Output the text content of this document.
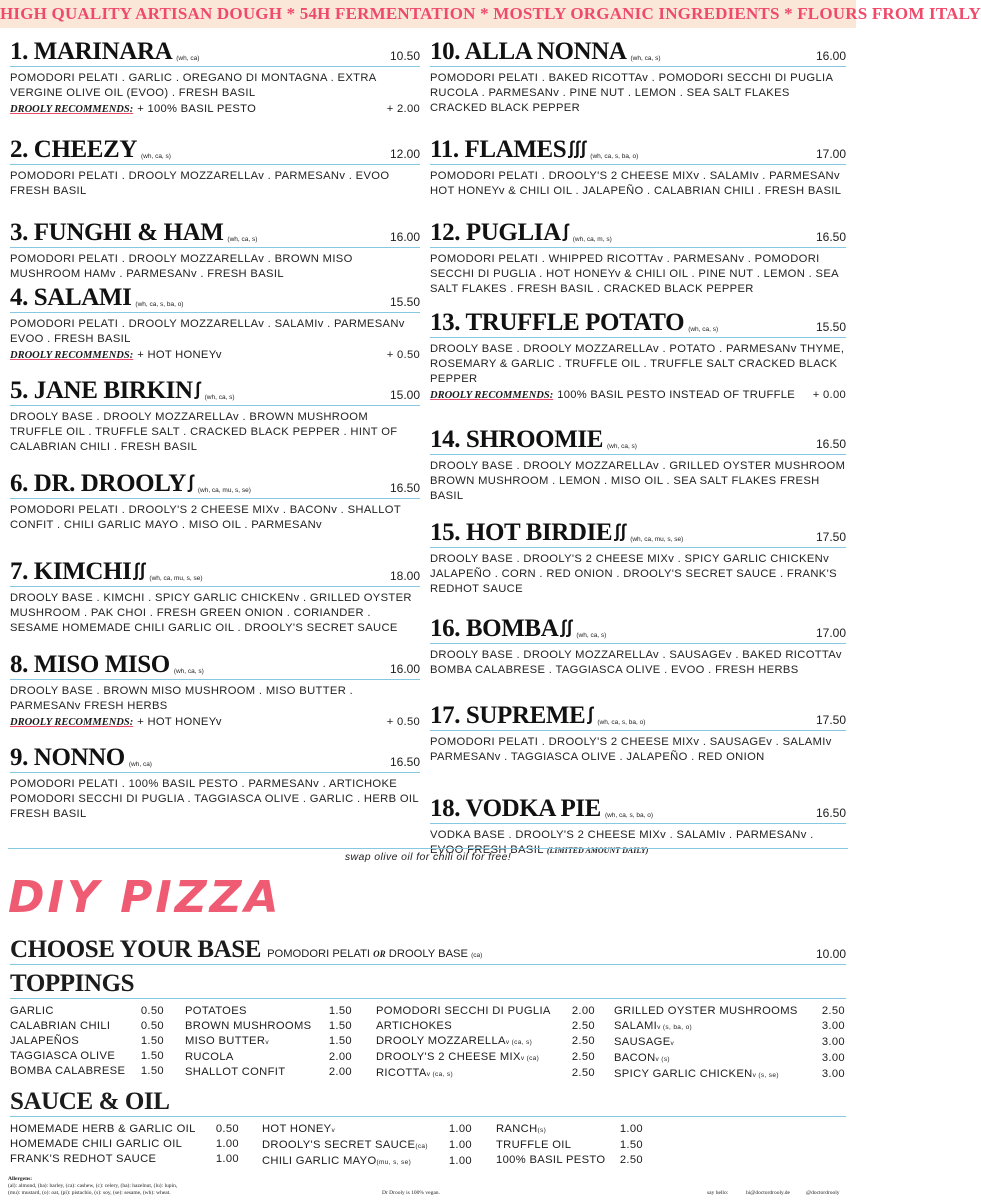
HIGH QUALITY ARTISAN DOUGH * 54H FERMENTATION * MOSTLY ORGANIC INGREDIENTS * FLOURS FROM ITALY
1. MARINARA (wh, ca)	10.50
POMODORI PELATI . GARLIC . OREGANO DI MONTAGNA . EXTRA VERGINE OLIVE OIL (EVOO) . FRESH BASIL
DROOLY RECOMMENDS: + 100% BASIL PESTO	+ 2.00
2. CHEEZY (wh, ca, s)	12.00
POMODORI PELATI . DROOLY MOZZARELLAv . PARMESANv . EVOO FRESH BASIL
3. FUNGHI & HAM (wh, ca, s)	16.00
POMODORI PELATI . DROOLY MOZZARELLAv . BROWN MISO MUSHROOM HAMv . PARMESANv . FRESH BASIL
4. SALAMI (wh, ca, s, ba, o)	15.50
POMODORI PELATI . DROOLY MOZZARELLAv . SALAMIv . PARMESANv EVOO . FRESH BASIL
DROOLY RECOMMENDS: + HOT HONEYv	+ 0.50
5. JANE BIRKIN ʃ (wh, ca, s)	15.00
DROOLY BASE . DROOLY MOZZARELLAv . BROWN MUSHROOM TRUFFLE OIL . TRUFFLE SALT . CRACKED BLACK PEPPER . HINT OF CALABRIAN CHILI . FRESH BASIL
6. DR. DROOLY ʃ (wh, ca, mu, s, se)	16.50
POMODORI PELATI . DROOLY'S 2 CHEESE MIXv . BACONv . SHALLOT CONFIT . CHILI GARLIC MAYO . MISO OIL . PARMESANv
7. KIMCHI ʃʃ (wh, ca, mu, s, se)	18.00
DROOLY BASE . KIMCHI . SPICY GARLIC CHICKENv . GRILLED OYSTER MUSHROOM . PAK CHOI . FRESH GREEN ONION . CORIANDER . SESAME HOMEMADE CHILI GARLIC OIL . DROOLY'S SECRET SAUCE
8. MISO MISO (wh, ca, s)	16.00
DROOLY BASE . BROWN MISO MUSHROOM . MISO BUTTER . PARMESANv FRESH HERBS
DROOLY RECOMMENDS: + HOT HONEYv	+ 0.50
9. NONNO (wh, ca)	16.50
POMODORI PELATI . 100% BASIL PESTO . PARMESANv . ARTICHOKE POMODORI SECCHI DI PUGLIA . TAGGIASCA OLIVE . GARLIC . HERB OIL FRESH BASIL
10. ALLA NONNA (wh, ca, s)	16.00
POMODORI PELATI . BAKED RICOTTAv . POMODORI SECCHI DI PUGLIA RUCOLA . PARMESANv . PINE NUT . LEMON . SEA SALT FLAKES CRACKED BLACK PEPPER
11. FLAMES ʃʃʃ (wh, ca, s, ba, o)	17.00
POMODORI PELATI . DROOLY'S 2 CHEESE MIXv . SALAMIv . PARMESANv HOT HONEYv & CHILI OIL . JALAPEÑO . CALABRIAN CHILI . FRESH BASIL
12. PUGLIA ʃ (wh, ca, m, s)	16.50
POMODORI PELATI . WHIPPED RICOTTAv . PARMESANv . POMODORI SECCHI DI PUGLIA . HOT HONEYv & CHILI OIL . PINE NUT . LEMON . SEA SALT FLAKES . FRESH BASIL . CRACKED BLACK PEPPER
13. TRUFFLE POTATO (wh, ca, s)	15.50
DROOLY BASE . DROOLY MOZZARELLAv . POTATO . PARMESANv THYME, ROSEMARY & GARLIC . TRUFFLE OIL . TRUFFLE SALT CRACKED BLACK PEPPER
DROOLY RECOMMENDS: 100% BASIL PESTO INSTEAD OF TRUFFLE + 0.00
14. SHROOMIE (wh, ca, s)	16.50
DROOLY BASE . DROOLY MOZZARELLAv . GRILLED OYSTER MUSHROOM BROWN MUSHROOM . LEMON . MISO OIL . SEA SALT FLAKES FRESH BASIL
15. HOT BIRDIE ʃʃ (wh, ca, mu, s, se)	17.50
DROOLY BASE . DROOLY'S 2 CHEESE MIXv . SPICY GARLIC CHICKENv JALAPEÑO . CORN . RED ONION . DROOLY'S SECRET SAUCE . FRANK'S REDHOT SAUCE
16. BOMBA ʃʃ (wh, ca, s)	17.00
DROOLY BASE . DROOLY MOZZARELLAv . SAUSAGEv . BAKED RICOTTAv BOMBA CALABRESE . TAGGIASCA OLIVE . EVOO . FRESH HERBS
17. SUPREME ʃ (wh, ca, s, ba, o)	17.50
POMODORI PELATI . DROOLY'S 2 CHEESE MIXv . SAUSAGEv . SALAMIv PARMESANv . TAGGIASCA OLIVE . JALAPEÑO . RED ONION
18. VODKA PIE (wh, ca, s, ba, o)	16.50
VODKA BASE . DROOLY'S 2 CHEESE MIXv . SALAMIv . PARMESANv . EVOO FRESH BASIL (LIMITED AMOUNT DAILY)
swap olive oil for chili oil for free!
DIY PIZZA
CHOOSE YOUR BASE POMODORI PELATI OR DROOLY BASE (ca)	10.00
TOPPINGS
GARLIC	0.50
CALABRIAN CHILI	0.50
JALAPEÑOS	1.50
TAGGIASCA OLIVE	1.50
BOMBA CALABRESE	1.50
POTATOES	1.50
BROWN MUSHROOMS	1.50
MISO BUTTERv	1.50
RUCOLA	2.00
SHALLOT CONFIT	2.00
POMODORI SECCHI DI PUGLIA	2.00
ARTICHOKES	2.50
DROOLY MOZZARELLAv (ca, s)	2.50
DROOLY'S 2 CHEESE MIXv (ca)	2.50
RICOTTAv (ca, s)	2.50
GRILLED OYSTER MUSHROOMS	2.50
SALAMIv (s, ba, o)	3.00
SAUSAGEv	3.00
BACONv (s)	3.00
SPICY GARLIC CHICKENv (s, se)	3.00
SAUCE & OIL
HOMEMADE HERB & GARLIC OIL	0.50
HOMEMADE CHILI GARLIC OIL	1.00
FRANK'S REDHOT SAUCE	1.00
HOT HONEYv	1.00
DROOLY'S SECRET SAUCE(ca)	1.00
CHILI GARLIC MAYO(mu, s, se)	1.00
RANCH(s)	1.00
TRUFFLE OIL	1.50
100% BASIL PESTO	2.50
Allergens:
(al): almond, (ba): barley, (ca): cashew, (c): celery, (ha): hazelnut, (lu): lupin,
(mu): mustard, (o): oat, (pi): pistachio, (s): soy, (se): sesame, (wh): wheat.	Dr Drooly is 100% vegan.	say hello:	hi@doctordrooly.de	@doctordrooly
